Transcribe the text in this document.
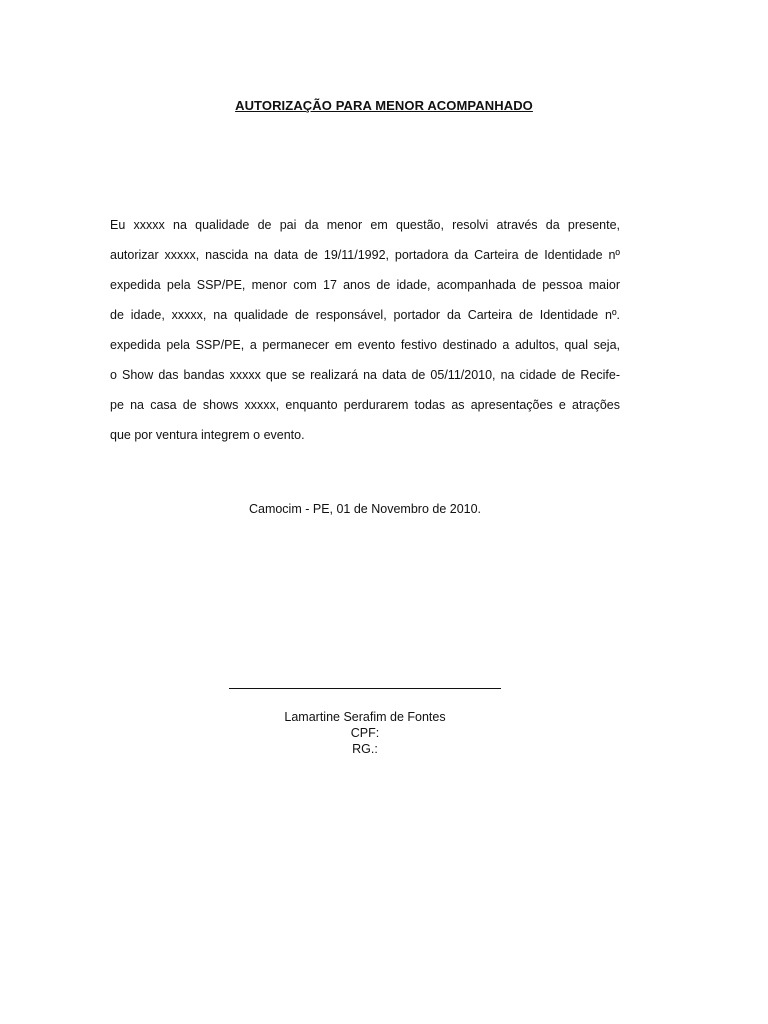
AUTORIZAÇÃO PARA MENOR ACOMPANHADO
Eu xxxxx na qualidade de pai da menor em questão, resolvi através da presente,
autorizar xxxxx, nascida na data de 19/11/1992, portadora da Carteira de Identidade nº
expedida pela SSP/PE, menor com 17 anos de idade, acompanhada de pessoa maior
de idade, xxxxx, na qualidade de responsável, portador da Carteira de Identidade nº.
expedida pela SSP/PE, a permanecer em evento festivo destinado a adultos, qual seja,
o Show das bandas xxxxx que se realizará na data de 05/11/2010, na cidade de Recife-
pe na casa de shows xxxxx, enquanto perdurarem todas as apresentações e atrações
que por ventura integrem o evento.
Camocim - PE, 01 de Novembro de 2010.
Lamartine Serafim de Fontes
CPF:
RG.:
